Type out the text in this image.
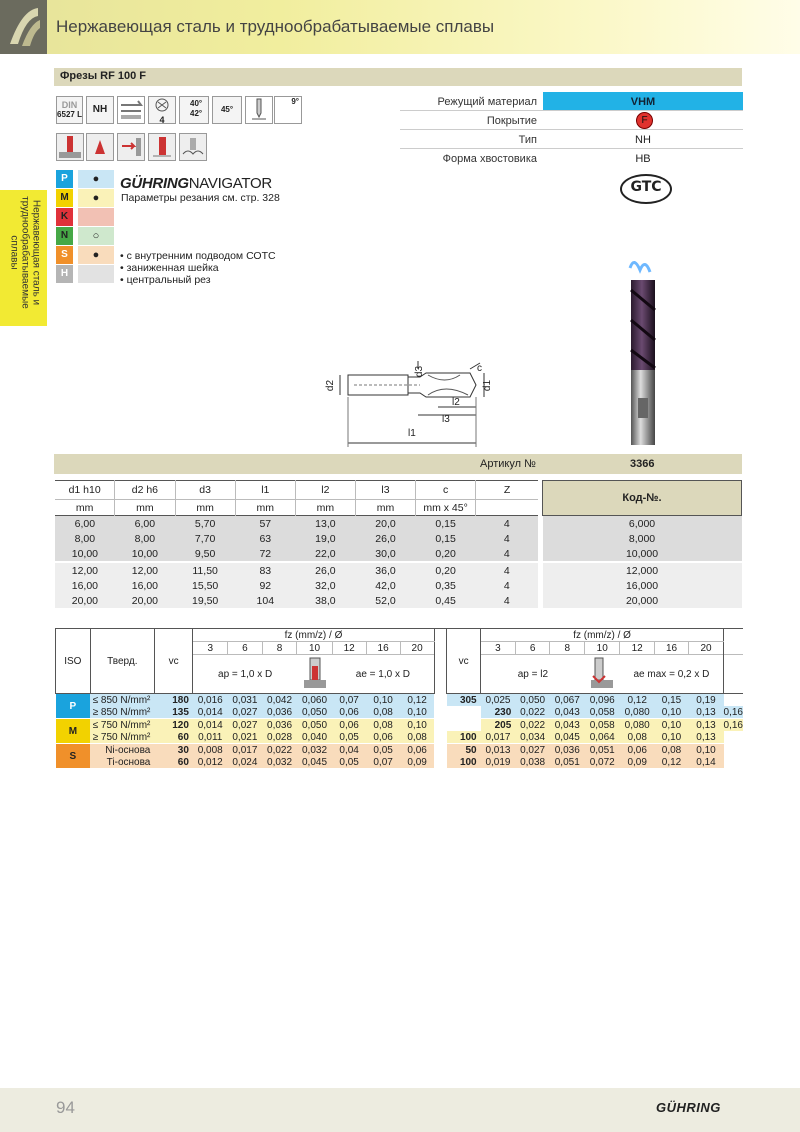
Нержавеющая сталь и труднообрабатываемые сплавы
Нержавеющая сталь и труднообрабатываемые сплавы
Фрезы RF 100 F
DIN
6527 L	NH
4
40°
42°	45°
9°	Режущий материал	VHM
Покрытие	F
Тип	NH
Форма хвостовика	HB
GTC
P	●
M	●
K
N	○
S	●
H
GÜHRINGNAVIGATOR
Параметры резания см. стр. 328
• с внутренним подводом СОТС
• заниженная шейка
• центральный рез
d2
d3
d1
c
l2
l3
l1
Артикул №	3366
d1 h10	d2 h6	d3	l1	l2	l3	c	Z
mm	mm	mm	mm	mm	mm	mm x 45°	
6,00	6,00	5,70	57	13,0	20,0	0,15	4
8,00	8,00	7,70	63	19,0	26,0	0,15	4
10,00	10,00	9,50	72	22,0	30,0	0,20	4
12,00	12,00	11,50	83	26,0	36,0	0,20	4
16,00	16,00	15,50	92	32,0	42,0	0,35	4
20,00	20,00	19,50	104	38,0	52,0	0,45	4
Код-№.
6,000
8,000
10,000
12,000
16,000
20,000
ISO	Тверд.	vc	fz (mm/z) / Ø								vc	fz (mm/z) / Ø							
			3	6	8	10	12	16	20			3	6	8	10	12	16	20	
			ap = 1,0 x D				ae = 1,0 x D					ap = l2				ae max = 0,2 x D			
P	≤ 850 N/mm²	180	0,016	0,031	0,042	0,060	0,07	0,10	0,12		305	0,025	0,050	0,067	0,096	0,12	0,15	0,19	
	≥ 850 N/mm²	135	0,014	0,027	0,036	0,050	0,06	0,08	0,10			230	0,022	0,043	0,058	0,080	0,10	0,13	0,16
M	≤ 750 N/mm²	120	0,014	0,027	0,036	0,050	0,06	0,08	0,10			205	0,022	0,043	0,058	0,080	0,10	0,13	0,16
	≥ 750 N/mm²	60	0,011	0,021	0,028	0,040	0,05	0,06	0,08		100	0,017	0,034	0,045	0,064	0,08	0,10	0,13	
S	Ni-основа	30	0,008	0,017	0,022	0,032	0,04	0,05	0,06		50	0,013	0,027	0,036	0,051	0,06	0,08	0,10	
	Ti-основа	60	0,012	0,024	0,032	0,045	0,05	0,07	0,09		100	0,019	0,038	0,051	0,072	0,09	0,12	0,14	
94	GÜHRING
